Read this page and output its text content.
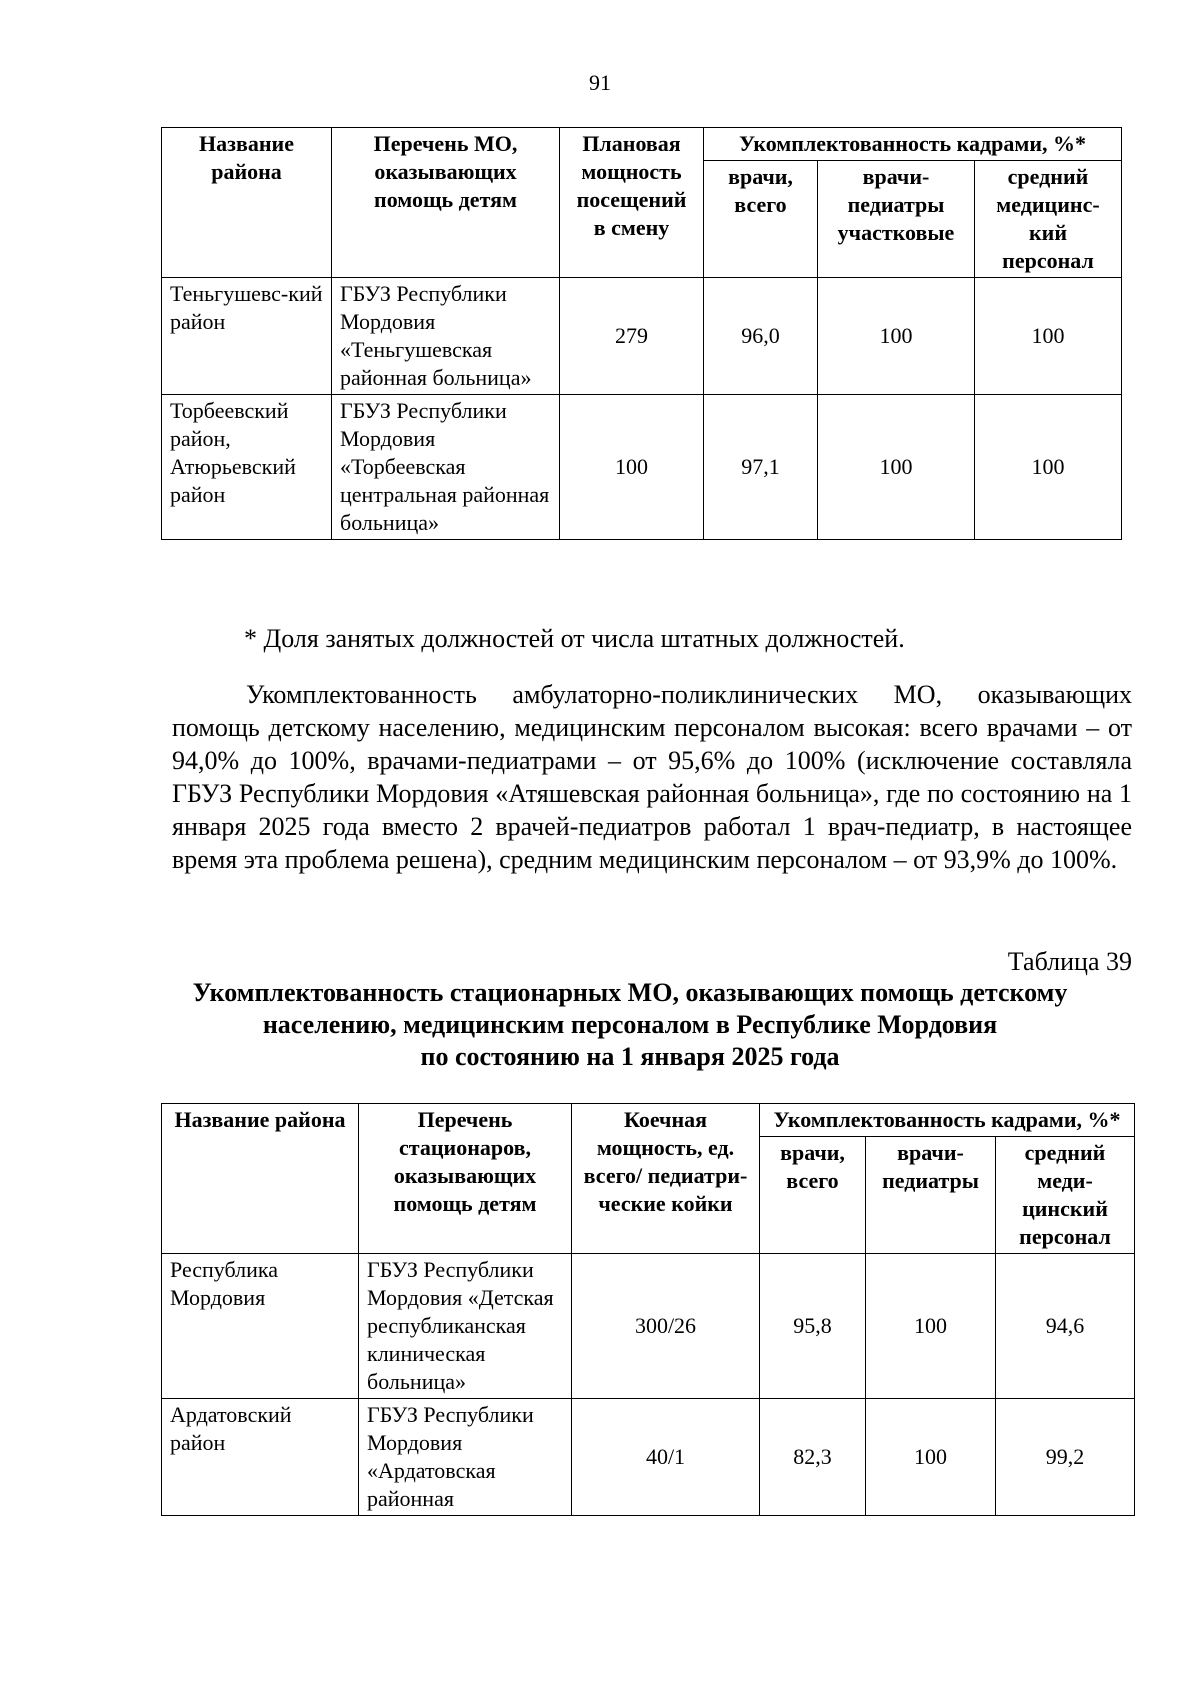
91
Название района	Перечень МО, оказывающих помощь детям	Плановая мощность посещений в смену	Укомплектованность кадрами, %*		
			врачи, всего	врачи-педиатры участковые	средний медицинс-кий персонал
Теньгушевс-кий район	ГБУЗ Республики Мордовия «Теньгушевская районная больница»	279	96,0	100	100
Торбеевский район, Атюрьевский район	ГБУЗ Республики Мордовия «Торбеевская центральная районная больница»	100	97,1	100	100
* Доля занятых должностей от числа штатных должностей.
Укомплектованность амбулаторно-поликлинических МО, оказывающих помощь детскому населению, медицинским персоналом высокая: всего врачами – от 94,0% до 100%, врачами-педиатрами – от 95,6% до 100% (исключение составляла ГБУЗ Республики Мордовия «Атяшевская районная больница», где по состоянию на 1 января 2025 года вместо 2 врачей-педиатров работал 1 врач-педиатр, в настоящее время эта проблема решена), средним медицинским персоналом – от 93,9% до 100%.
Таблица 39
Укомплектованность стационарных МО, оказывающих помощь детскому
населению, медицинским персоналом в Республике Мордовия
по состоянию на 1 января 2025 года
Название района	Перечень стационаров, оказывающих помощь детям	Коечная мощность, ед. всего/ педиатри-ческие койки	Укомплектованность кадрами, %*		
			врачи, всего	врачи-педиатры	средний меди-цинский персонал
Республика Мордовия	ГБУЗ Республики Мордовия «Детская республиканская клиническая больница»	300/26	95,8	100	94,6
Ардатовский район	ГБУЗ Республики Мордовия «Ардатовская районная	40/1	82,3	100	99,2
